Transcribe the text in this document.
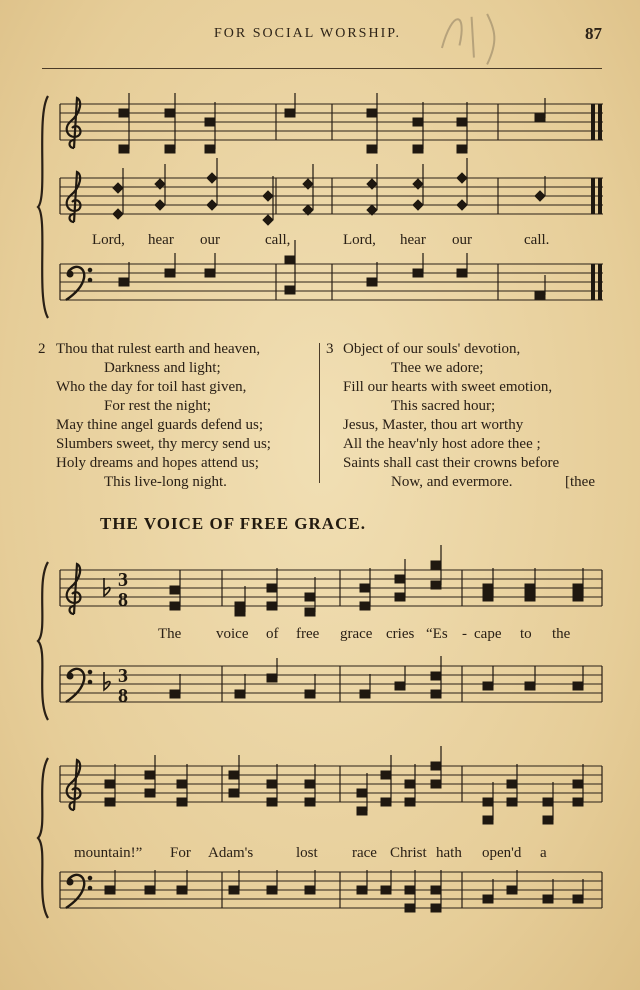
FOR SOCIAL WORSHIP.	87
3
8
3
8
Lord, hear our	call,	Lord, hear our	call.
2 Thou that rulest earth and heaven,
Darkness and light;
Who the day for toil hast given,
For rest the night;
May thine angel guards defend us;
Slumbers sweet, thy mercy send us;
Holy dreams and hopes attend us;
This live-long night.
3 Object of our souls' devotion,
Thee we adore;
Fill our hearts with sweet emotion,
This sacred hour;
Jesus, Master, thou art worthy
All the heav'nly host adore thee ;
Saints shall cast their crowns before
Now, and evermore.	[thee
THE VOICE OF FREE GRACE.
The voice of free grace cries “Es - cape to the
mountain!” For Adam's	lost race Christ hath open'd a
